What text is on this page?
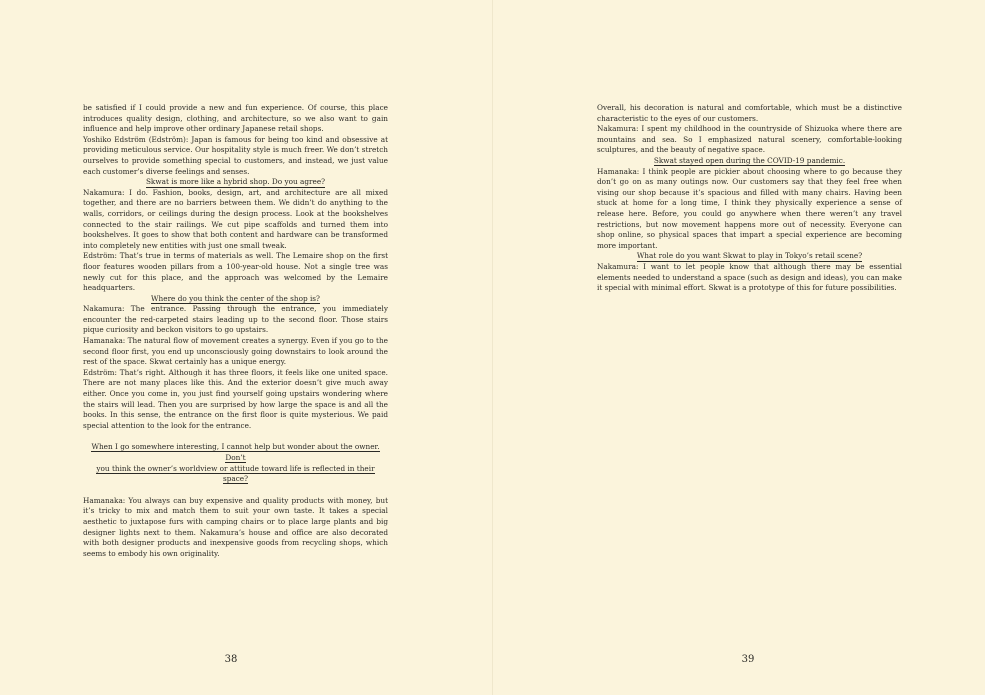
be satisfied if I could provide a new and fun experience. Of course, this place introduces quality design, clothing, and architecture, so we also want to gain influence and help improve other ordinary Japanese retail shops.

Yoshiko Edström (Edström): Japan is famous for being too kind and obsessive at providing meticulous service. Our hospitality style is much freer. We don’t stretch ourselves to provide something special to customers, and instead, we just value each customer’s diverse feelings and senses.

Skwat is more like a hybrid shop. Do you agree?

Nakamura: I do. Fashion, books, design, art, and architecture are all mixed together, and there are no barriers between them. We didn’t do anything to the walls, corridors, or ceilings during the design process. Look at the bookshelves connected to the stair railings. We cut pipe scaffolds and turned them into bookshelves. It goes to show that both content and hardware can be transformed into completely new entities with just one small tweak.

Edström: That’s true in terms of materials as well. The Lemaire shop on the first floor features wooden pillars from a 100-year-old house. Not a single tree was newly cut for this place, and the approach was welcomed by the Lemaire headquarters.

Where do you think the center of the shop is?

Nakamura: The entrance. Passing through the entrance, you immediately encounter the red-carpeted stairs leading up to the second floor. Those stairs pique curiosity and beckon visitors to go upstairs.

Hamanaka: The natural flow of movement creates a synergy. Even if you go to the second floor first, you end up unconsciously going downstairs to look around the rest of the space. Skwat certainly has a unique energy.

Edström: That’s right. Although it has three floors, it feels like one united space. There are not many places like this. And the exterior doesn’t give much away either. Once you come in, you just find yourself going upstairs wondering where the stairs will lead. Then you are surprised by how large the space is and all the books. In this sense, the entrance on the first floor is quite mysterious. We paid special attention to the look for the entrance.

When I go somewhere interesting, I cannot help but wonder about the owner. Don’t
you think the owner’s worldview or attitude toward life is reflected in their space?

Hamanaka: You always can buy expensive and quality products with money, but it’s tricky to mix and match them to suit your own taste. It takes a special aesthetic to juxtapose furs with camping chairs or to place large plants and big designer lights next to them. Nakamura’s house and office are also decorated with both designer products and inexpensive goods from recycling shops, which seems to embody his own originality.

38

Overall, his decoration is natural and comfortable, which must be a distinctive characteristic to the eyes of our customers.

Nakamura: I spent my childhood in the countryside of Shizuoka where there are mountains and sea. So I emphasized natural scenery, comfortable-looking sculptures, and the beauty of negative space.

Skwat stayed open during the COVID-19 pandemic.

Hamanaka: I think people are pickier about choosing where to go because they don’t go on as many outings now. Our customers say that they feel free when vising our shop because it’s spacious and filled with many chairs. Having been stuck at home for a long time, I think they physically experience a sense of release here. Before, you could go anywhere when there weren’t any travel restrictions, but now movement happens more out of necessity. Everyone can shop online, so physical spaces that impart a special experience are becoming more important.

What role do you want Skwat to play in Tokyo’s retail scene?

Nakamura: I want to let people know that although there may be essential elements needed to understand a space (such as design and ideas), you can make it special with minimal effort. Skwat is a prototype of this for future possibilities.

39
